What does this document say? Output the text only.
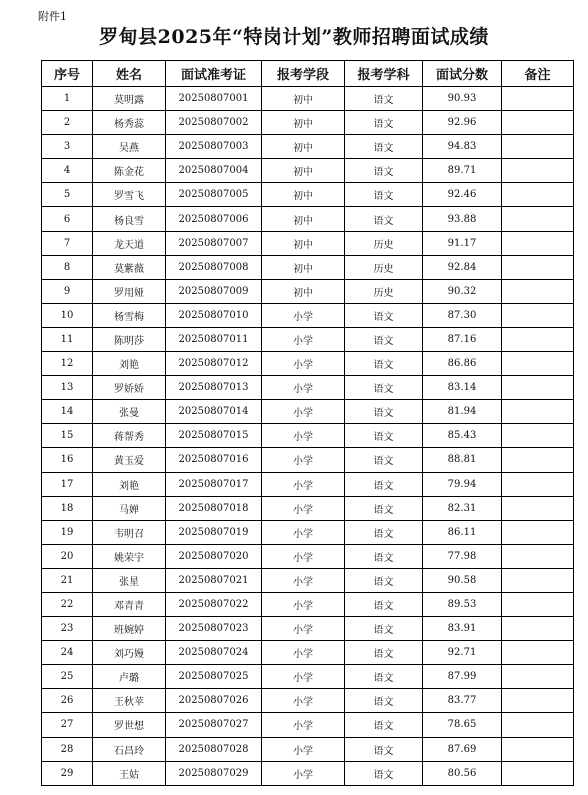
附件1
罗甸县2025年“特岗计划”教师招聘面试成绩
序号	姓名	面试准考证	报考学段	报考学科	面试分数	备注
1	莫明露	20250807001	初中	语文	90.93	
2	杨秀蕊	20250807002	初中	语文	92.96	
3	吴燕	20250807003	初中	语文	94.83	
4	陈金花	20250807004	初中	语文	89.71	
5	罗雪飞	20250807005	初中	语文	92.46	
6	杨良雪	20250807006	初中	语文	93.88	
7	龙天道	20250807007	初中	历史	91.17	
8	莫紫薇	20250807008	初中	历史	92.84	
9	罗用娅	20250807009	初中	历史	90.32	
10	杨雪梅	20250807010	小学	语文	87.30	
11	陈明莎	20250807011	小学	语文	87.16	
12	刘艳	20250807012	小学	语文	86.86	
13	罗娇娇	20250807013	小学	语文	83.14	
14	张曼	20250807014	小学	语文	81.94	
15	蒋帮秀	20250807015	小学	语文	85.43	
16	黄玉爱	20250807016	小学	语文	88.81	
17	刘艳	20250807017	小学	语文	79.94	
18	马婵	20250807018	小学	语文	82.31	
19	韦明召	20250807019	小学	语文	86.11	
20	姚荣宇	20250807020	小学	语文	77.98	
21	张星	20250807021	小学	语文	90.58	
22	邓青青	20250807022	小学	语文	89.53	
23	班婉婷	20250807023	小学	语文	83.91	
24	刘巧嫚	20250807024	小学	语文	92.71	
25	卢璐	20250807025	小学	语文	87.99	
26	王秋苹	20250807026	小学	语文	83.77	
27	罗世想	20250807027	小学	语文	78.65	
28	石昌玲	20250807028	小学	语文	87.69	
29	王姑	20250807029	小学	语文	80.56	
